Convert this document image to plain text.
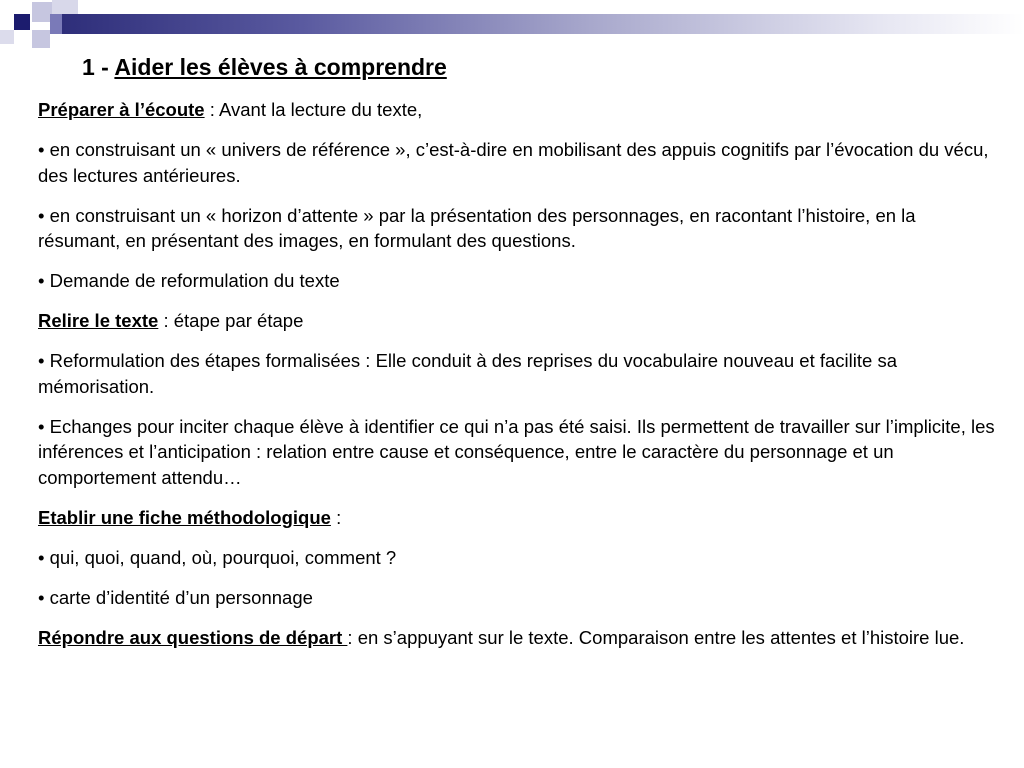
1 - Aider les élèves à comprendre

Préparer à l’écoute : Avant la lecture du texte,

• en construisant un « univers de référence », c’est-à-dire en mobilisant des appuis cognitifs par l’évocation du vécu, des lectures antérieures.

• en construisant un « horizon d’attente » par la présentation des personnages, en racontant l’histoire, en la résumant, en présentant des images, en formulant des questions.

• Demande de reformulation du texte

Relire le texte : étape par étape

• Reformulation des étapes formalisées : Elle conduit à des reprises du vocabulaire nouveau et facilite sa mémorisation.

• Echanges pour inciter chaque élève à identifier ce qui n’a pas été saisi. Ils permettent de travailler sur l’implicite, les inférences et l’anticipation : relation entre cause et conséquence, entre le caractère du personnage et un comportement attendu…

Etablir une fiche méthodologique :

• qui, quoi, quand, où, pourquoi, comment ?

• carte d’identité d’un personnage

Répondre aux questions de départ : en s’appuyant sur le texte. Comparaison entre les attentes et l’histoire lue.
